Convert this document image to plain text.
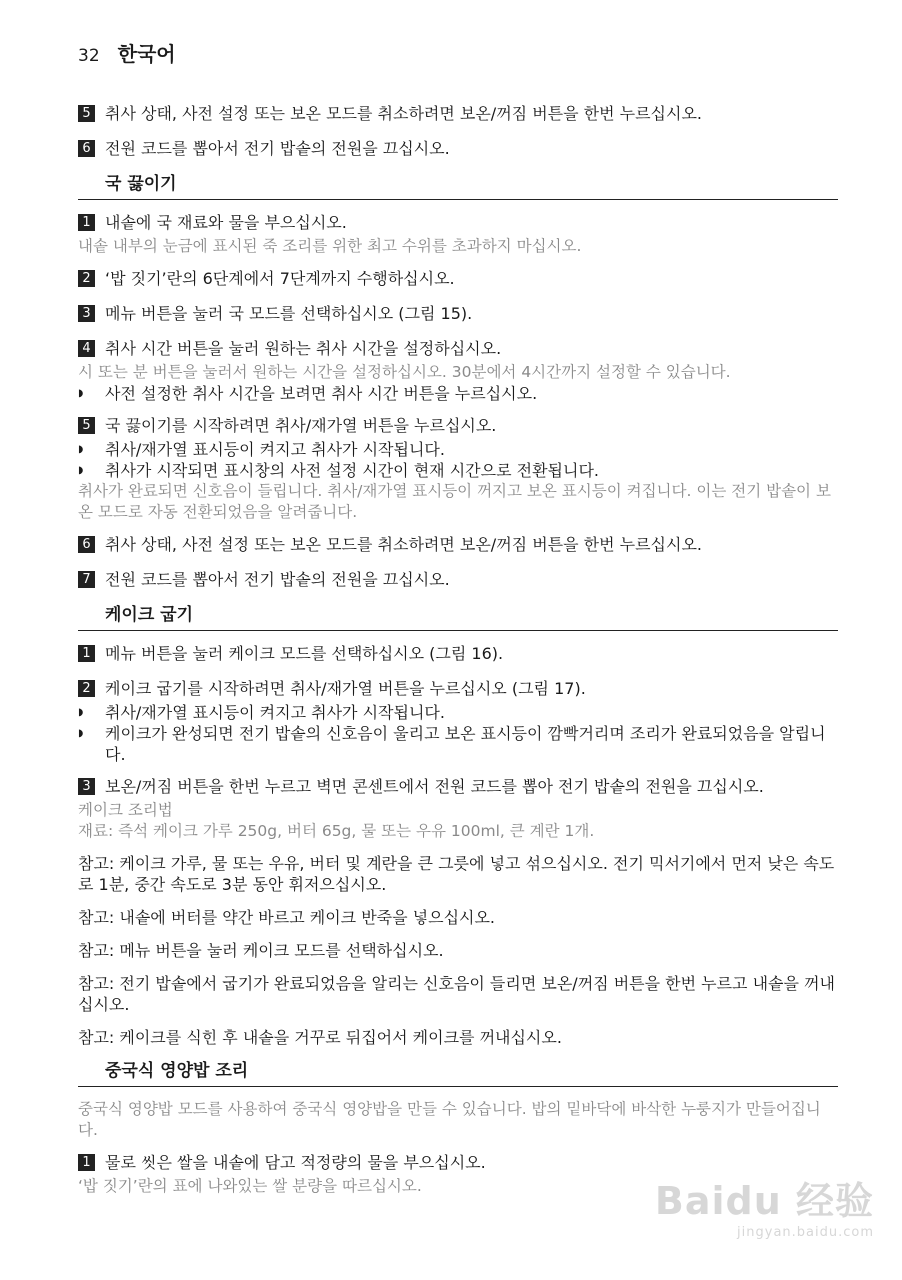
32 한국어
5 취사 상태, 사전 설정 또는 보온 모드를 취소하려면 보온/꺼짐 버튼을 한번 누르십시오.
6 전원 코드를 뽑아서 전기 밥솥의 전원을 끄십시오.
국 끓이기
1 내솥에 국 재료와 물을 부으십시오.
내솥 내부의 눈금에 표시된 죽 조리를 위한 최고 수위를 초과하지 마십시오.
2 ‘밥 짓기’란의 6단계에서 7단계까지 수행하십시오.
3 메뉴 버튼을 눌러 국 모드를 선택하십시오 (그림 15).
4 취사 시간 버튼을 눌러 원하는 취사 시간을 설정하십시오.
시 또는 분 버튼을 눌러서 원하는 시간을 설정하십시오. 30분에서 4시간까지 설정할 수 있습니다.
◗	사전 설정한 취사 시간을 보려면 취사 시간 버튼을 누르십시오.
5 국 끓이기를 시작하려면 취사/재가열 버튼을 누르십시오.
◗	취사/재가열 표시등이 켜지고 취사가 시작됩니다.
◗	취사가 시작되면 표시창의 사전 설정 시간이 현재 시간으로 전환됩니다.
취사가 완료되면 신호음이 들립니다. 취사/재가열 표시등이 꺼지고 보온 표시등이 켜집니다. 이는 전기 밥솥이 보온 모드로 자동 전환되었음을 알려줍니다.
6 취사 상태, 사전 설정 또는 보온 모드를 취소하려면 보온/꺼짐 버튼을 한번 누르십시오.
7 전원 코드를 뽑아서 전기 밥솥의 전원을 끄십시오.
케이크 굽기
1 메뉴 버튼을 눌러 케이크 모드를 선택하십시오 (그림 16).
2 케이크 굽기를 시작하려면 취사/재가열 버튼을 누르십시오 (그림 17).
◗	취사/재가열 표시등이 켜지고 취사가 시작됩니다.
◗	케이크가 완성되면 전기 밥솥의 신호음이 울리고 보온 표시등이 깜빡거리며 조리가 완료되었음을 알립니다.
3 보온/꺼짐 버튼을 한번 누르고 벽면 콘센트에서 전원 코드를 뽑아 전기 밥솥의 전원을 끄십시오.
케이크 조리법
재료: 즉석 케이크 가루 250g, 버터 65g, 물 또는 우유 100ml, 큰 계란 1개.
참고: 케이크 가루, 물 또는 우유, 버터 및 계란을 큰 그릇에 넣고 섞으십시오. 전기 믹서기에서 먼저 낮은 속도로 1분, 중간 속도로 3분 동안 휘저으십시오.
참고: 내솥에 버터를 약간 바르고 케이크 반죽을 넣으십시오.
참고: 메뉴 버튼을 눌러 케이크 모드를 선택하십시오.
참고: 전기 밥솥에서 굽기가 완료되었음을 알리는 신호음이 들리면 보온/꺼짐 버튼을 한번 누르고 내솥을 꺼내십시오.
참고: 케이크를 식힌 후 내솥을 거꾸로 뒤집어서 케이크를 꺼내십시오.
중국식 영양밥 조리
중국식 영양밥 모드를 사용하여 중국식 영양밥을 만들 수 있습니다. 밥의 밑바닥에 바삭한 누룽지가 만들어집니다.
1 물로 씻은 쌀을 내솥에 담고 적정량의 물을 부으십시오.
‘밥 짓기’란의 표에 나와있는 쌀 분량을 따르십시오.	Baidu 经验
jingyan.baidu.com
